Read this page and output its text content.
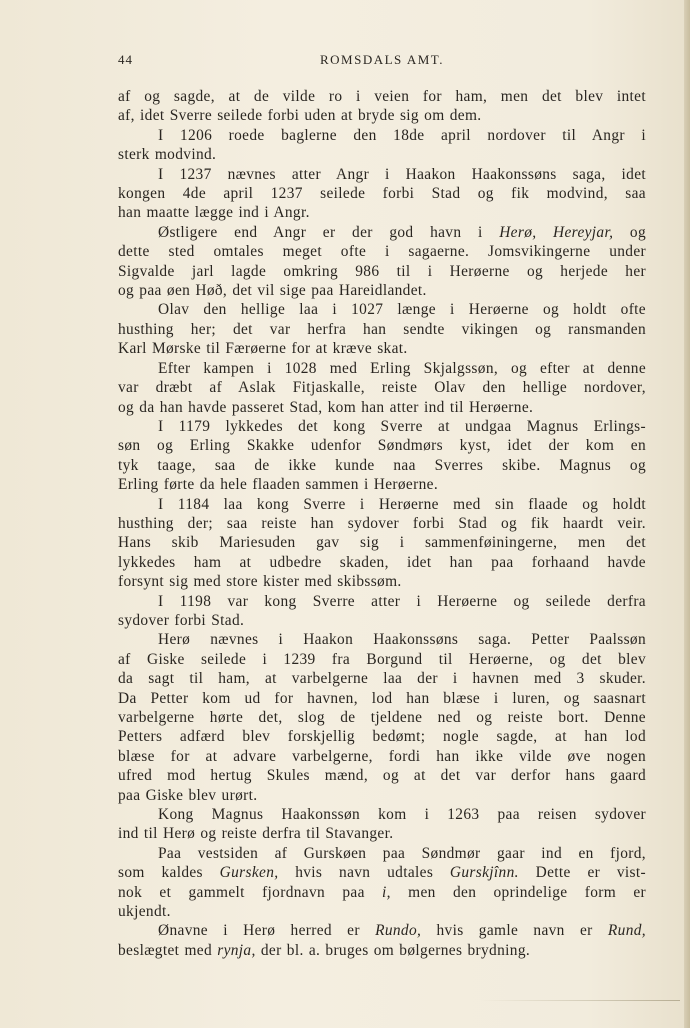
44	ROMSDALS AMT.
af og sagde, at de vilde ro i veien for ham, men det blev intet
af, idet Sverre seilede forbi uden at bryde sig om dem.
I 1206 roede baglerne den 18de april nordover til Angr i
sterk modvind.
I 1237 nævnes atter Angr i Haakon Haakonssøns saga, idet
kongen 4de april 1237 seilede forbi Stad og fik modvind, saa
han maatte lægge ind i Angr.
Østligere end Angr er der god havn i Herø, Hereyjar, og
dette sted omtales meget ofte i sagaerne. Jomsvikingerne under
Sigvalde jarl lagde omkring 986 til i Herøerne og herjede her
og paa øen Høð, det vil sige paa Hareidlandet.
Olav den hellige laa i 1027 længe i Herøerne og holdt ofte
husthing her; det var herfra han sendte vikingen og ransmanden
Karl Mørske til Færøerne for at kræve skat.
Efter kampen i 1028 med Erling Skjalgssøn, og efter at denne
var dræbt af Aslak Fitjaskalle, reiste Olav den hellige nordover,
og da han havde passeret Stad, kom han atter ind til Herøerne.
I 1179 lykkedes det kong Sverre at undgaa Magnus Erlings-
søn og Erling Skakke udenfor Søndmørs kyst, idet der kom en
tyk taage, saa de ikke kunde naa Sverres skibe. Magnus og
Erling førte da hele flaaden sammen i Herøerne.
I 1184 laa kong Sverre i Herøerne med sin flaade og holdt
husthing der; saa reiste han sydover forbi Stad og fik haardt veir.
Hans skib Mariesuden gav sig i sammenføiningerne, men det
lykkedes ham at udbedre skaden, idet han paa forhaand havde
forsynt sig med store kister med skibssøm.
I 1198 var kong Sverre atter i Herøerne og seilede derfra
sydover forbi Stad.
Herø nævnes i Haakon Haakonssøns saga. Petter Paalssøn
af Giske seilede i 1239 fra Borgund til Herøerne, og det blev
da sagt til ham, at varbelgerne laa der i havnen med 3 skuder.
Da Petter kom ud for havnen, lod han blæse i luren, og saasnart
varbelgerne hørte det, slog de tjeldene ned og reiste bort. Denne
Petters adfærd blev forskjellig bedømt; nogle sagde, at han lod
blæse for at advare varbelgerne, fordi han ikke vilde øve nogen
ufred mod hertug Skules mænd, og at det var derfor hans gaard
paa Giske blev urørt.
Kong Magnus Haakonssøn kom i 1263 paa reisen sydover
ind til Herø og reiste derfra til Stavanger.
Paa vestsiden af Gurskøen paa Søndmør gaar ind en fjord,
som kaldes Gursken, hvis navn udtales Gurskjînn. Dette er vist-
nok et gammelt fjordnavn paa i, men den oprindelige form er
ukjendt.
Ønavne i Herø herred er Rundo, hvis gamle navn er Rund,
beslægtet med rynja, der bl. a. bruges om bølgernes brydning.
